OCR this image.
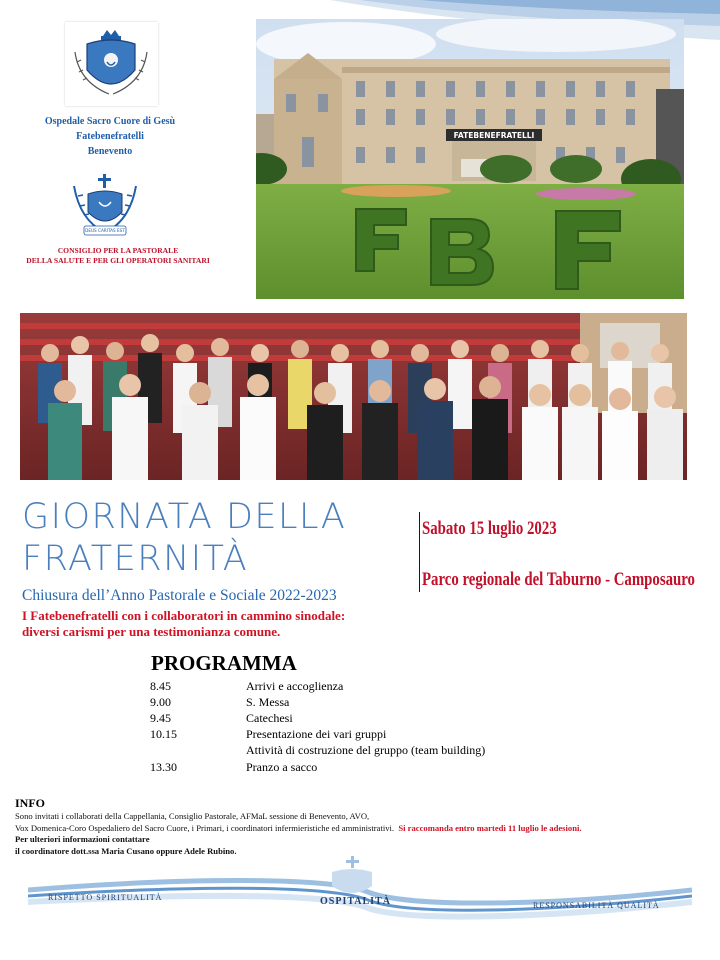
Ospedale Sacro Cuore di Gesù
Fatebenefratelli
Benevento
DEUS CARITAS EST
CONSIGLIO PER LA PASTORALE
DELLA SALUTE E PER GLI OPERATORI SANITARI
FATEBENEFRATELLI
GIORNATA DELLA
FRATERNITÀ
Chiusura dell’Anno Pastorale e Sociale 2022-2023
I Fatebenefratelli con i collaboratori in cammino sinodale:
diversi carismi per una testimonianza comune.
Sabato 15 luglio 2023
Parco regionale del Taburno - Camposauro
PROGRAMMA
8.45	Arrivi e accoglienza
9.00	S. Messa
9.45	Catechesi
10.15	Presentazione dei vari gruppi
Attività di costruzione del gruppo (team building)
13.30	Pranzo a sacco
INFO
Sono invitati i collaborati della Cappellania, Consiglio Pastorale, AFMaL sessione di Benevento, AVO,
Vox Domenica-Coro Ospedaliero del Sacro Cuore, i Primari, i coordinatori infermieristiche ed amministrativi. Si raccomanda entro martedì 11 luglio le adesioni.
Per ulteriori informazioni contattare
il coordinatore dott.ssa Maria Cusano oppure Adele Rubino.
RISPETTO SPIRITUALITÀ	OSPITALITÀ	RESPONSABILITÀ QUALITÀ
